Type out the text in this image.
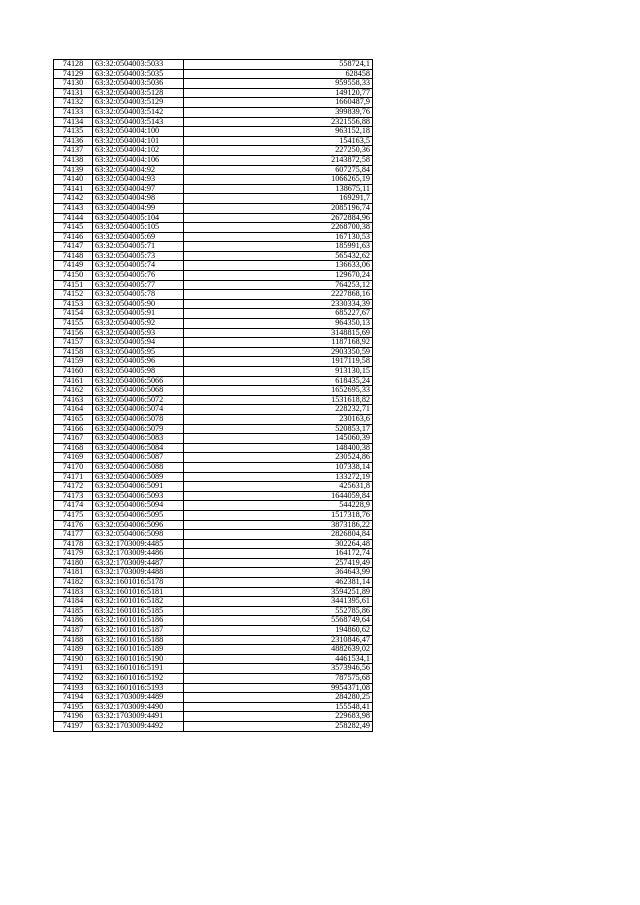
74128	63:32:0504003:5033	558724,1
74129	63:32:0504003:5035	628458
74130	63:32:0504003:5036	959558,33
74131	63:32:0504003:5128	149120,77
74132	63:32:0504003:5129	1660487,9
74133	63:32:0504003:5142	399839,76
74134	63:32:0504003:5143	2321556,88
74135	63:32:0504004:100	963152,18
74136	63:32:0504004:101	154163,5
74137	63:32:0504004:102	227250,36
74138	63:32:0504004:106	2143872,58
74139	63:32:0504004:92	607275,84
74140	63:32:0504004:93	1066265,19
74141	63:32:0504004:97	138675,11
74142	63:32:0504004:98	169291,7
74143	63:32:0504004:99	2085196,74
74144	63:32:0504005:104	2672884,96
74145	63:32:0504005:105	2268700,38
74146	63:32:0504005:69	167130,53
74147	63:32:0504005:71	185991,63
74148	63:32:0504005:73	565432,62
74149	63:32:0504005:74	136633,06
74150	63:32:0504005:76	129670,24
74151	63:32:0504005:77	764253,12
74152	63:32:0504005:78	2227868,16
74153	63:32:0504005:90	2330334,39
74154	63:32:0504005:91	685227,67
74155	63:32:0504005:92	964350,13
74156	63:32:0504005:93	3148815,69
74157	63:32:0504005:94	1187168,92
74158	63:32:0504005:95	2903350,59
74159	63:32:0504005:96	1917119,58
74160	63:32:0504005:98	913130,15
74161	63:32:0504006:5066	618435,24
74162	63:32:0504006:5068	1652695,33
74163	63:32:0504006:5072	1531618,82
74164	63:32:0504006:5074	228232,71
74165	63:32:0504006:5078	230163,6
74166	63:32:0504006:5079	520853,17
74167	63:32:0504006:5083	145060,39
74168	63:32:0504006:5084	148400,38
74169	63:32:0504006:5087	230524,86
74170	63:32:0504006:5088	107338,14
74171	63:32:0504006:5089	133272,19
74172	63:32:0504006:5091	425631,8
74173	63:32:0504006:5093	1644059,84
74174	63:32:0504006:5094	544228,9
74175	63:32:0504006:5095	1517318,76
74176	63:32:0504006:5096	3873186,22
74177	63:32:0504006:5098	2826804,84
74178	63:32:1703009:4485	302264,48
74179	63:32:1703009:4486	164172,74
74180	63:32:1703009:4487	257419,49
74181	63:32:1703009:4488	364643,99
74182	63:32:1601016:5178	462381,14
74183	63:32:1601016:5181	3594251,89
74184	63:32:1601016:5182	3441395,61
74185	63:32:1601016:5185	552785,86
74186	63:32:1601016:5186	5568749,64
74187	63:32:1601016:5187	194860,62
74188	63:32:1601016:5188	2310846,47
74189	63:32:1601016:5189	4882639,02
74190	63:32:1601016:5190	4461534,1
74191	63:32:1601016:5191	3573946,56
74192	63:32:1601016:5192	787575,68
74193	63:32:1601016:5193	9954371,08
74194	63:32:1703009:4489	284280,25
74195	63:32:1703009:4490	155548,41
74196	63:32:1703009:4491	229683,98
74197	63:32:1703009:4492	258282,49
